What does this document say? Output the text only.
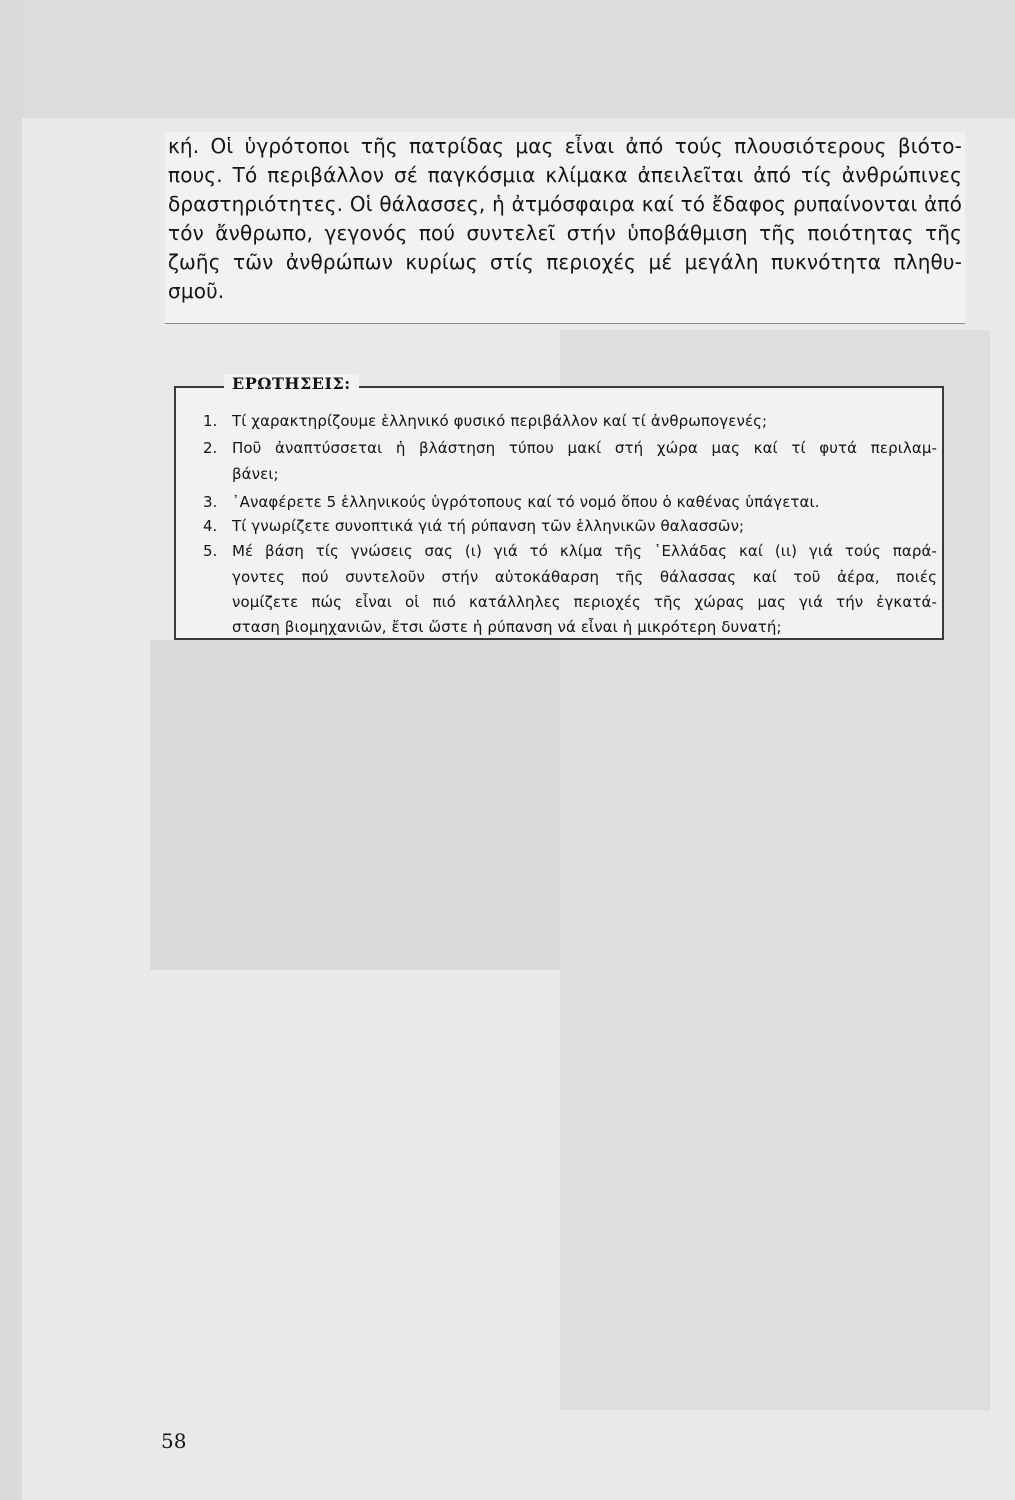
κή. Οἱ ὑγρότοποι τῆς πατρίδας μας εἶναι ἀπό τούς πλουσιότερους βιότο-
πους. Τό περιβάλλον σέ παγκόσμια κλίμακα ἀπειλεῖται ἀπό τίς ἀνθρώπινες
δραστηριότητες. Οἱ θάλασσες, ἡ ἀτμόσφαιρα καί τό ἔδαφος ρυπαίνονται ἀπό
τόν ἄνθρωπο, γεγονός πού συντελεῖ στήν ὑποβάθμιση τῆς ποιότητας τῆς
ζωῆς τῶν ἀνθρώπων κυρίως στίς περιοχές μέ μεγάλη πυκνότητα πληθυ-
σμοῦ.
ΕΡΩΤΗΣΕΙΣ:
1. Τί χαρακτηρίζουμε ἑλληνικό φυσικό περιβάλλον καί τί ἀνθρωπογενές;
2. Ποῦ ἀναπτύσσεται ἡ βλάστηση τύπου μακί στή χώρα μας καί τί φυτά περιλαμ-
βάνει;
3. ᾿Αναφέρετε 5 ἑλληνικούς ὑγρότοπους καί τό νομό ὅπου ὁ καθένας ὑπάγεται.
4. Τί γνωρίζετε συνοπτικά γιά τή ρύπανση τῶν ἑλληνικῶν θαλασσῶν;
5. Μέ βάση τίς γνώσεις σας (ι) γιά τό κλίμα τῆς ῾Ελλάδας καί (ιι) γιά τούς παρά-
γοντες πού συντελοῦν στήν αὐτοκάθαρση τῆς θάλασσας καί τοῦ ἀέρα, ποιές
νομίζετε πώς εἶναι οἱ πιό κατάλληλες περιοχές τῆς χώρας μας γιά τήν ἐγκατά-
σταση βιομηχανιῶν, ἔτσι ὥστε ἡ ρύπανση νά εἶναι ἡ μικρότερη δυνατή;
58
